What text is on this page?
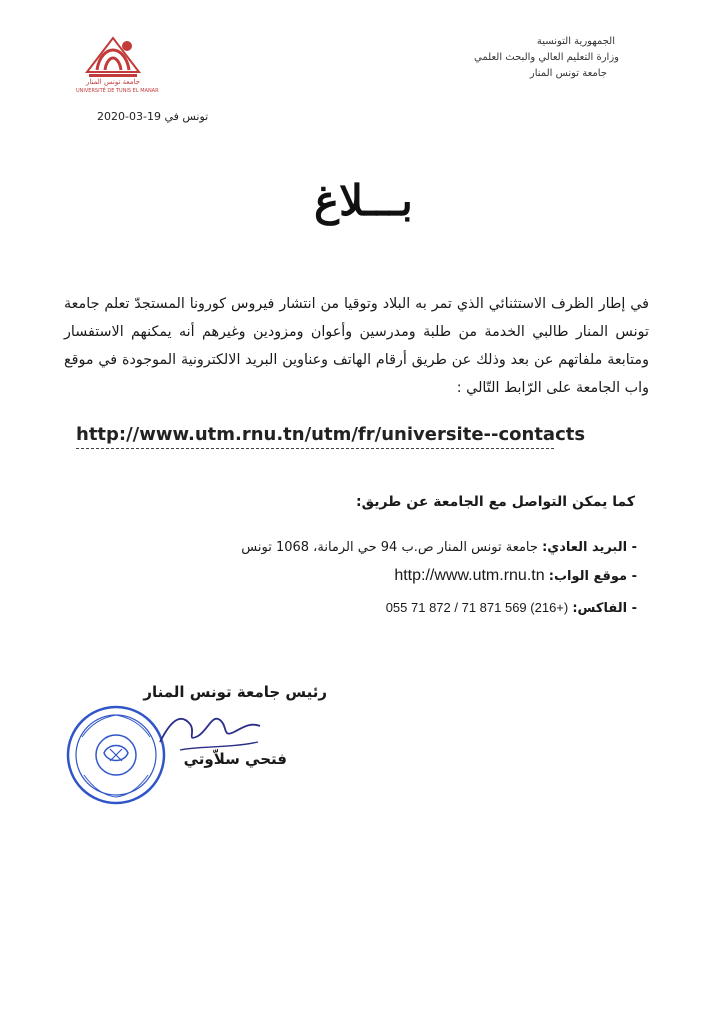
جامعة تونس المنار
UNIVERSITÉ DE TUNIS EL MANAR
الجمهورية التونسية
وزارة التعليم العالي والبحث العلمي
جامعة تونس المنار
تونس في 19-03-2020
بـــلاغ
في إطار الظرف الاستثنائي الذي تمر به البلاد وتوقيا من انتشار فيروس كورونا المستجدّ تعلم جامعة تونس المنار طالبي الخدمة من طلبة ومدرسين وأعوان ومزودين وغيرهم أنه يمكنهم الاستفسار ومتابعة ملفاتهم عن بعد وذلك عن طريق أرقام الهاتف وعناوين البريد الالكترونية الموجودة في موقع واب الجامعة على الرّابط التّالي :
http://www.utm.rnu.tn/utm/fr/universite--contacts
كما يمكن التواصل مع الجامعة عن طريق:
- البريد العادي: جامعة تونس المنار ص.ب 94 حي الرمانة، 1068 تونس
- موقع الواب: http://www.utm.rnu.tn
- الفاكس: 055 71 872 / 71 871 569 (216+)
رئيس جامعة تونس المنار
فتحي سلاّوتي
